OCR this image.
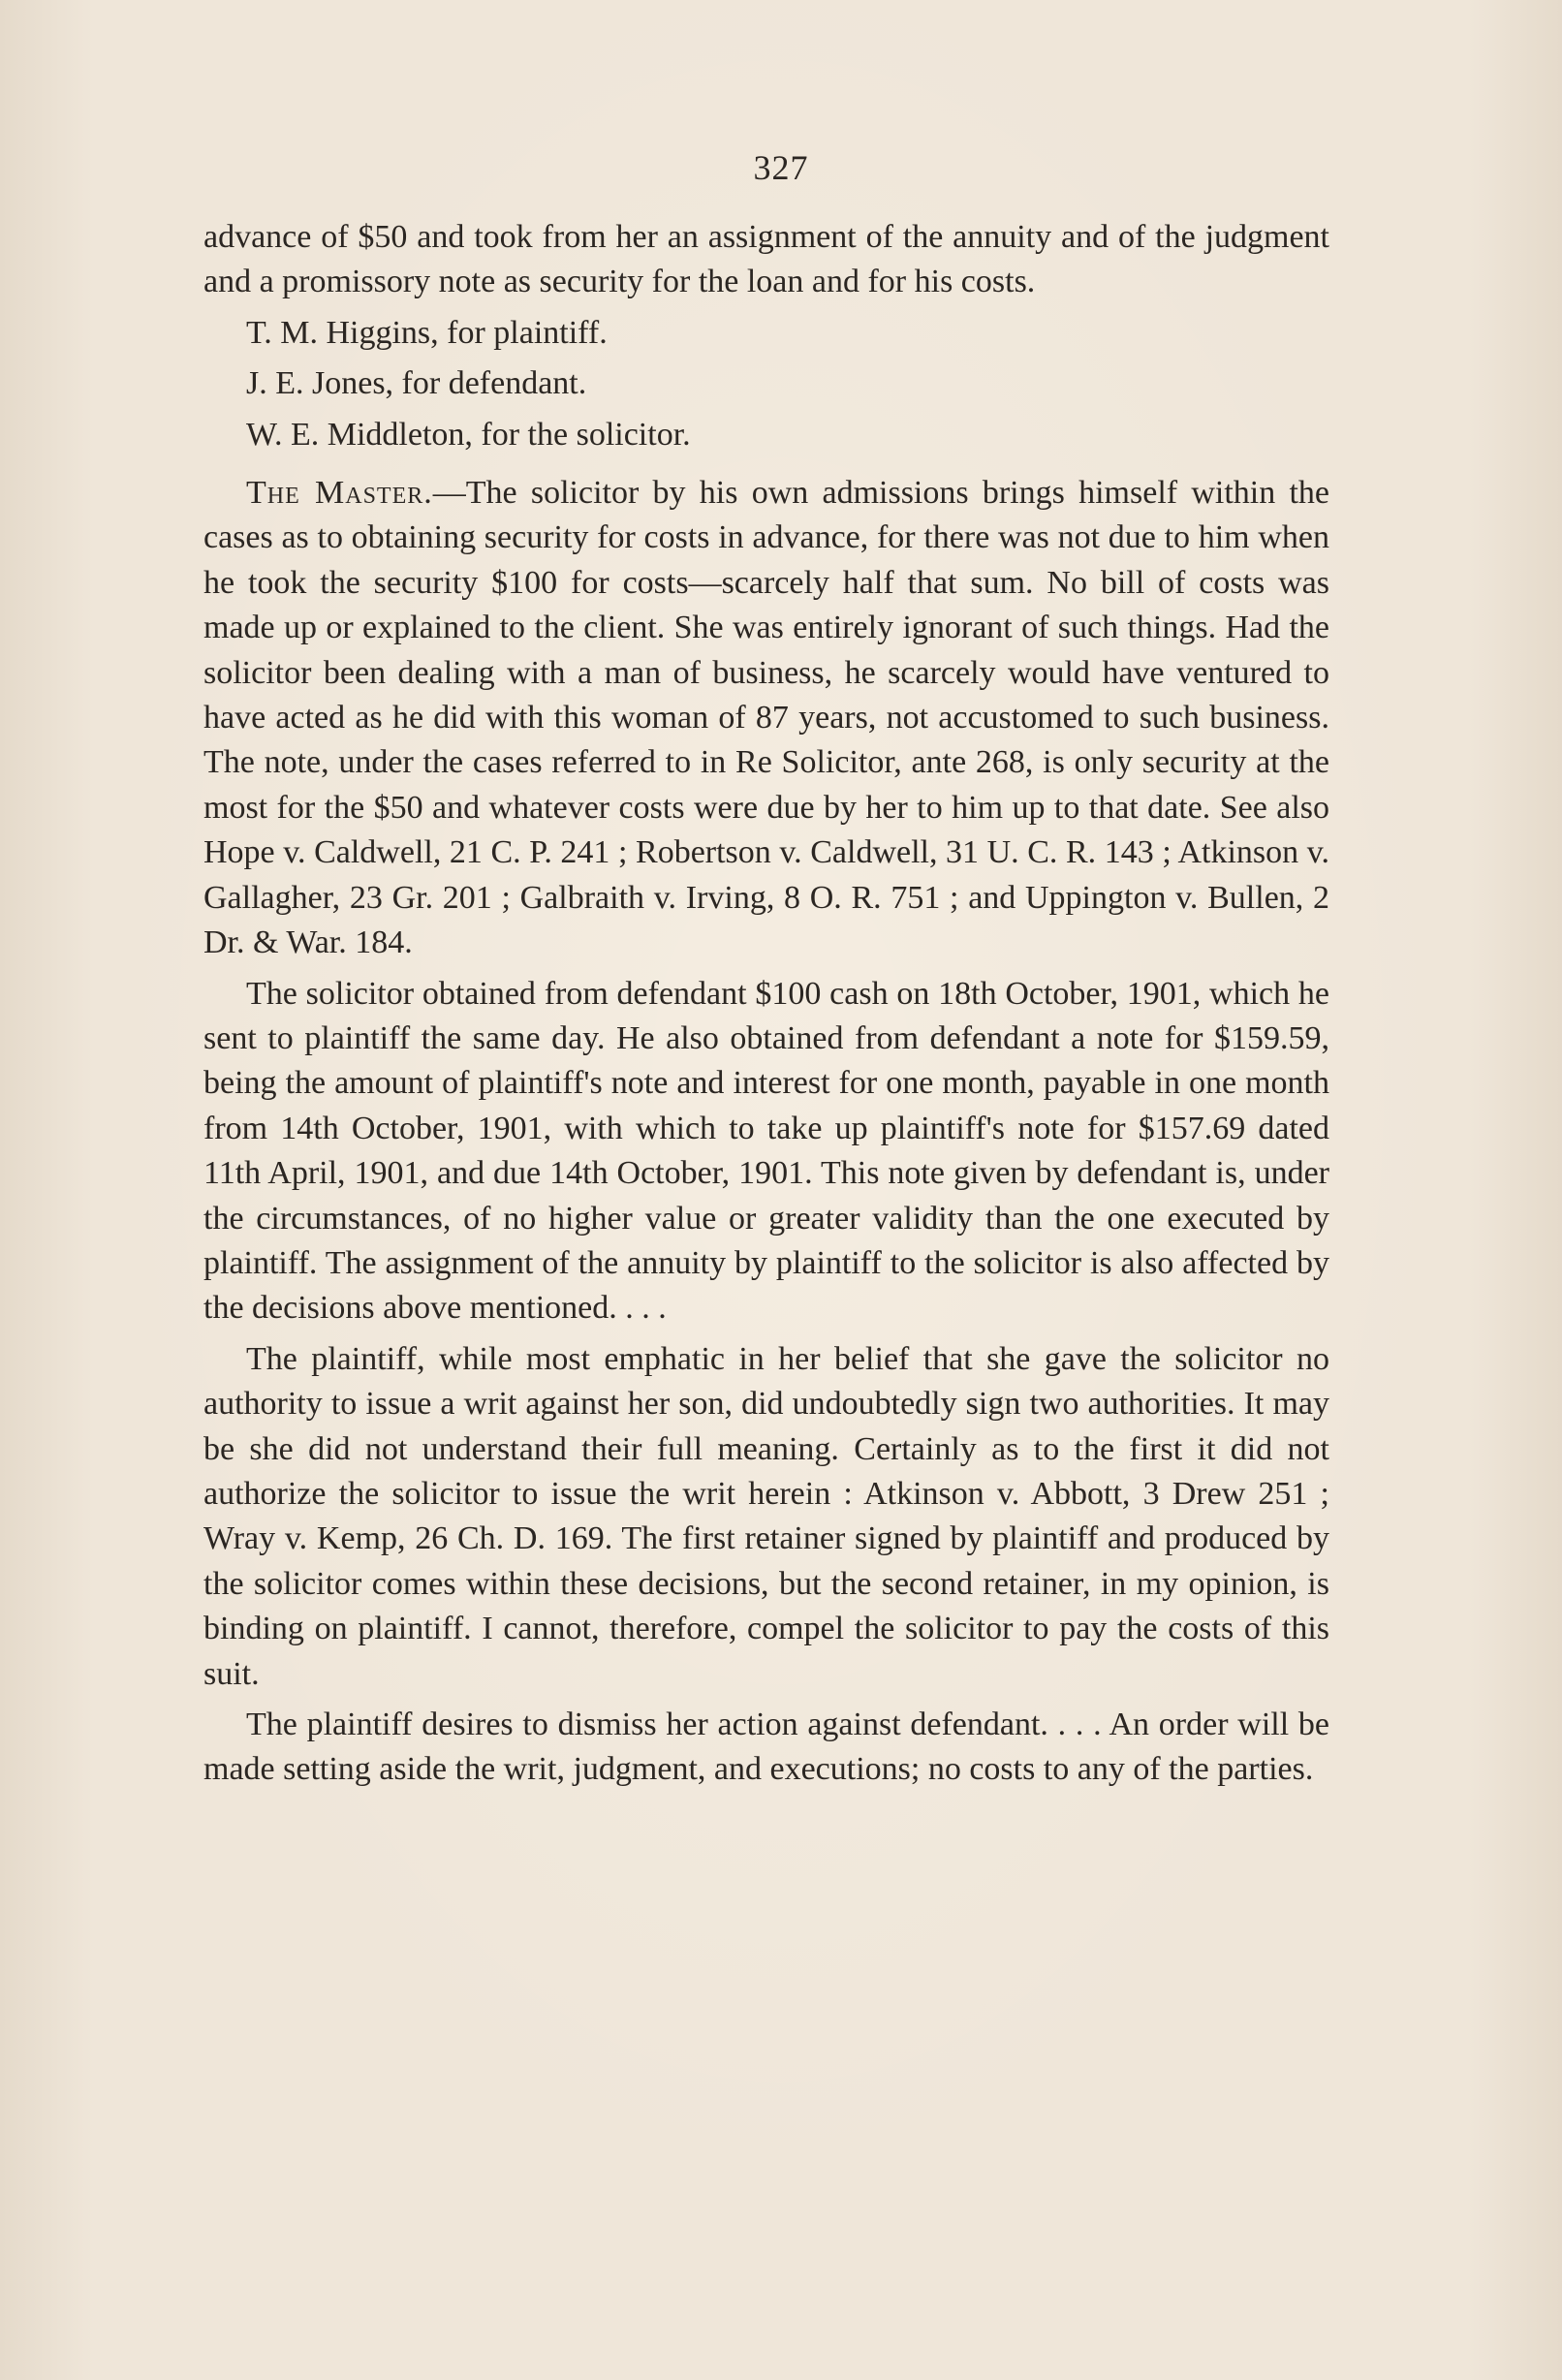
327

advance of $50 and took from her an assignment of the annuity and of the judgment and a promissory note as security for the loan and for his costs.

T. M. Higgins, for plaintiff.

J. E. Jones, for defendant.

W. E. Middleton, for the solicitor.

The Master.—The solicitor by his own admissions brings himself within the cases as to obtaining security for costs in advance, for there was not due to him when he took the security $100 for costs—scarcely half that sum. No bill of costs was made up or explained to the client. She was entirely ignorant of such things. Had the solicitor been dealing with a man of business, he scarcely would have ventured to have acted as he did with this woman of 87 years, not accustomed to such business. The note, under the cases referred to in Re Solicitor, ante 268, is only security at the most for the $50 and whatever costs were due by her to him up to that date. See also Hope v. Caldwell, 21 C. P. 241 ; Robertson v. Caldwell, 31 U. C. R. 143 ; Atkinson v. Gallagher, 23 Gr. 201 ; Galbraith v. Irving, 8 O. R. 751 ; and Uppington v. Bullen, 2 Dr. & War. 184.

The solicitor obtained from defendant $100 cash on 18th October, 1901, which he sent to plaintiff the same day. He also obtained from defendant a note for $159.59, being the amount of plaintiff's note and interest for one month, payable in one month from 14th October, 1901, with which to take up plaintiff's note for $157.69 dated 11th April, 1901, and due 14th October, 1901. This note given by defendant is, under the circumstances, of no higher value or greater validity than the one executed by plaintiff. The assignment of the annuity by plaintiff to the solicitor is also affected by the decisions above mentioned. . . .

The plaintiff, while most emphatic in her belief that she gave the solicitor no authority to issue a writ against her son, did undoubtedly sign two authorities. It may be she did not understand their full meaning. Certainly as to the first it did not authorize the solicitor to issue the writ herein : Atkinson v. Abbott, 3 Drew 251 ; Wray v. Kemp, 26 Ch. D. 169. The first retainer signed by plaintiff and produced by the solicitor comes within these decisions, but the second retainer, in my opinion, is binding on plaintiff. I cannot, therefore, compel the solicitor to pay the costs of this suit.

The plaintiff desires to dismiss her action against defendant. . . . An order will be made setting aside the writ, judgment, and executions; no costs to any of the parties.
